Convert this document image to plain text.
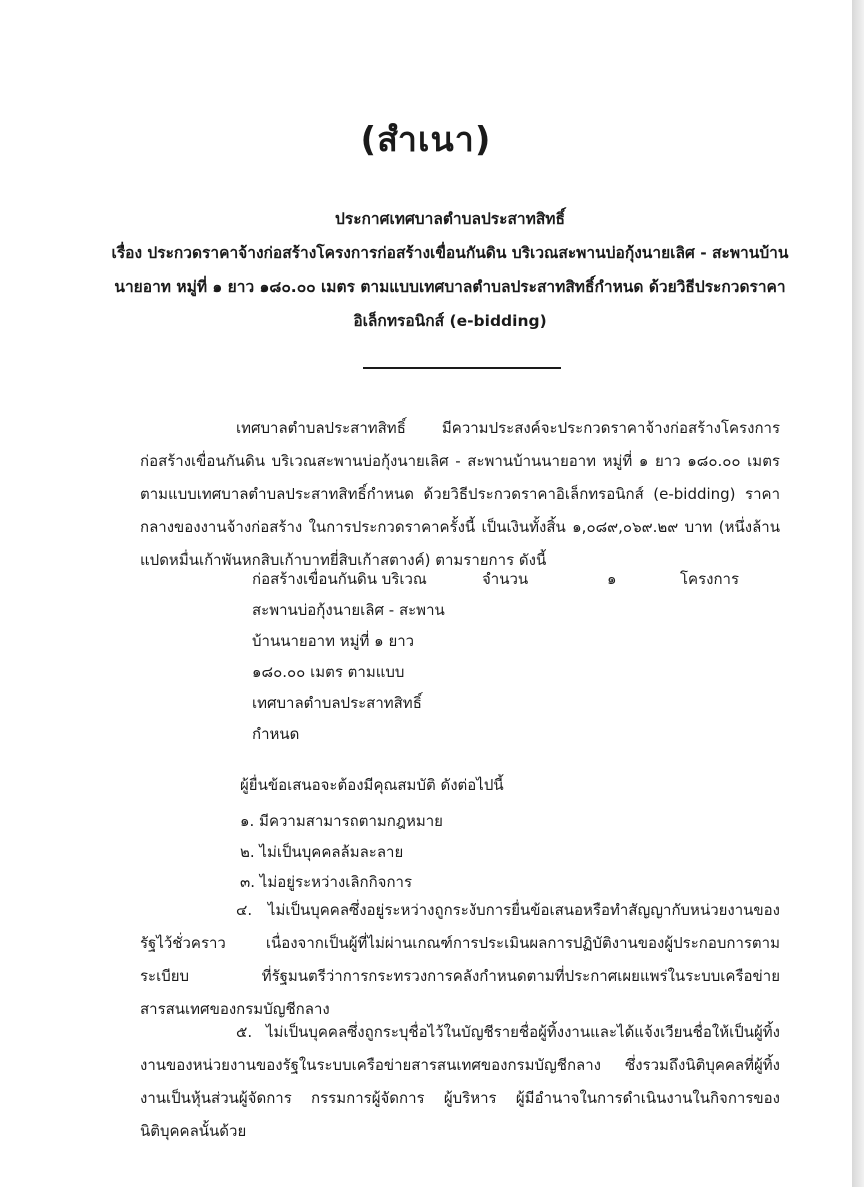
(สำเนา)
ประกาศเทศบาลตำบลประสาทสิทธิ์
เรื่อง ประกวดราคาจ้างก่อสร้างโครงการก่อสร้างเขื่อนกันดิน บริเวณสะพานบ่อกุ้งนายเลิศ - สะพานบ้าน
นายอาท หมู่ที่ ๑ ยาว ๑๘๐.๐๐ เมตร ตามแบบเทศบาลตำบลประสาทสิทธิ์กำหนด ด้วยวิธีประกวดราคา
อิเล็กทรอนิกส์ (e-bidding)
เทศบาลตำบลประสาทสิทธิ์ มีความประสงค์จะประกวดราคาจ้างก่อสร้างโครงการก่อสร้างเขื่อนกันดิน บริเวณสะพานบ่อกุ้งนายเลิศ - สะพานบ้านนายอาท หมู่ที่ ๑ ยาว ๑๘๐.๐๐ เมตร ตามแบบเทศบาลตำบลประสาทสิทธิ์กำหนด ด้วยวิธีประกวดราคาอิเล็กทรอนิกส์ (e-bidding) ราคากลางของงานจ้างก่อสร้าง ในการประกวดราคาครั้งนี้ เป็นเงินทั้งสิ้น ๑,๐๘๙,๐๖๙.๒๙ บาท (หนึ่งล้านแปดหมื่นเก้าพันหกสิบเก้าบาทยี่สิบเก้าสตางค์) ตามรายการ ดังนี้
ก่อสร้างเขื่อนกันดิน บริเวณ
สะพานบ่อกุ้งนายเลิศ - สะพาน
บ้านนายอาท หมู่ที่ ๑ ยาว
๑๘๐.๐๐ เมตร ตามแบบ
เทศบาลตำบลประสาทสิทธิ์
กำหนด
จำนวน	๑	โครงการ
ผู้ยื่นข้อเสนอจะต้องมีคุณสมบัติ ดังต่อไปนี้
๑. มีความสามารถตามกฎหมาย
๒. ไม่เป็นบุคคลล้มละลาย
๓. ไม่อยู่ระหว่างเลิกกิจการ
๔. ไม่เป็นบุคคลซึ่งอยู่ระหว่างถูกระงับการยื่นข้อเสนอหรือทำสัญญากับหน่วยงานของรัฐไว้ชั่วคราว เนื่องจากเป็นผู้ที่ไม่ผ่านเกณฑ์การประเมินผลการปฏิบัติงานของผู้ประกอบการตามระเบียบ ที่รัฐมนตรีว่าการกระทรวงการคลังกำหนดตามที่ประกาศเผยแพร่ในระบบเครือข่ายสารสนเทศของกรมบัญชีกลาง
๕. ไม่เป็นบุคคลซึ่งถูกระบุชื่อไว้ในบัญชีรายชื่อผู้ทิ้งงานและได้แจ้งเวียนชื่อให้เป็นผู้ทิ้งงานของหน่วยงานของรัฐในระบบเครือข่ายสารสนเทศของกรมบัญชีกลาง ซึ่งรวมถึงนิติบุคคลที่ผู้ทิ้งงานเป็นหุ้นส่วนผู้จัดการ กรรมการผู้จัดการ ผู้บริหาร ผู้มีอำนาจในการดำเนินงานในกิจการของนิติบุคคลนั้นด้วย
